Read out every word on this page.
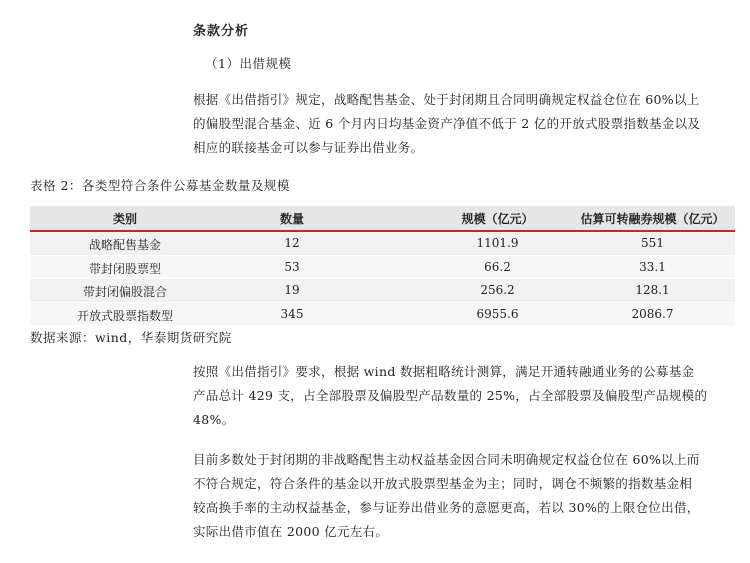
条款分析
（1）出借规模

根据《出借指引》规定，战略配售基金、处于封闭期且合同明确规定权益仓位在 60%以上

的偏股型混合基金、近 6 个月内日均基金资产净值不低于 2 亿的开放式股票指数基金以及

相应的联接基金可以参与证券出借业务。

表格 2：各类型符合条件公募基金数量及规模
类别	数量	规模（亿元）	估算可转融券规模（亿元）
战略配售基金	12	1101.9	551
带封闭股票型	53	66.2	33.1
带封闭偏股混合	19	256.2	128.1
开放式股票指数型	345	6955.6	2086.7
数据来源：wind，华泰期货研究院

按照《出借指引》要求，根据 wind 数据粗略统计测算，满足开通转融通业务的公募基金

产品总计 429 支，占全部股票及偏股型产品数量的 25%，占全部股票及偏股型产品规模的

48%。

目前多数处于封闭期的非战略配售主动权益基金因合同未明确规定权益仓位在 60%以上而

不符合规定，符合条件的基金以开放式股票型基金为主；同时，调仓不频繁的指数基金相

较高换手率的主动权益基金，参与证券出借业务的意愿更高，若以 30%的上限仓位出借，

实际出借市值在 2000 亿元左右。
